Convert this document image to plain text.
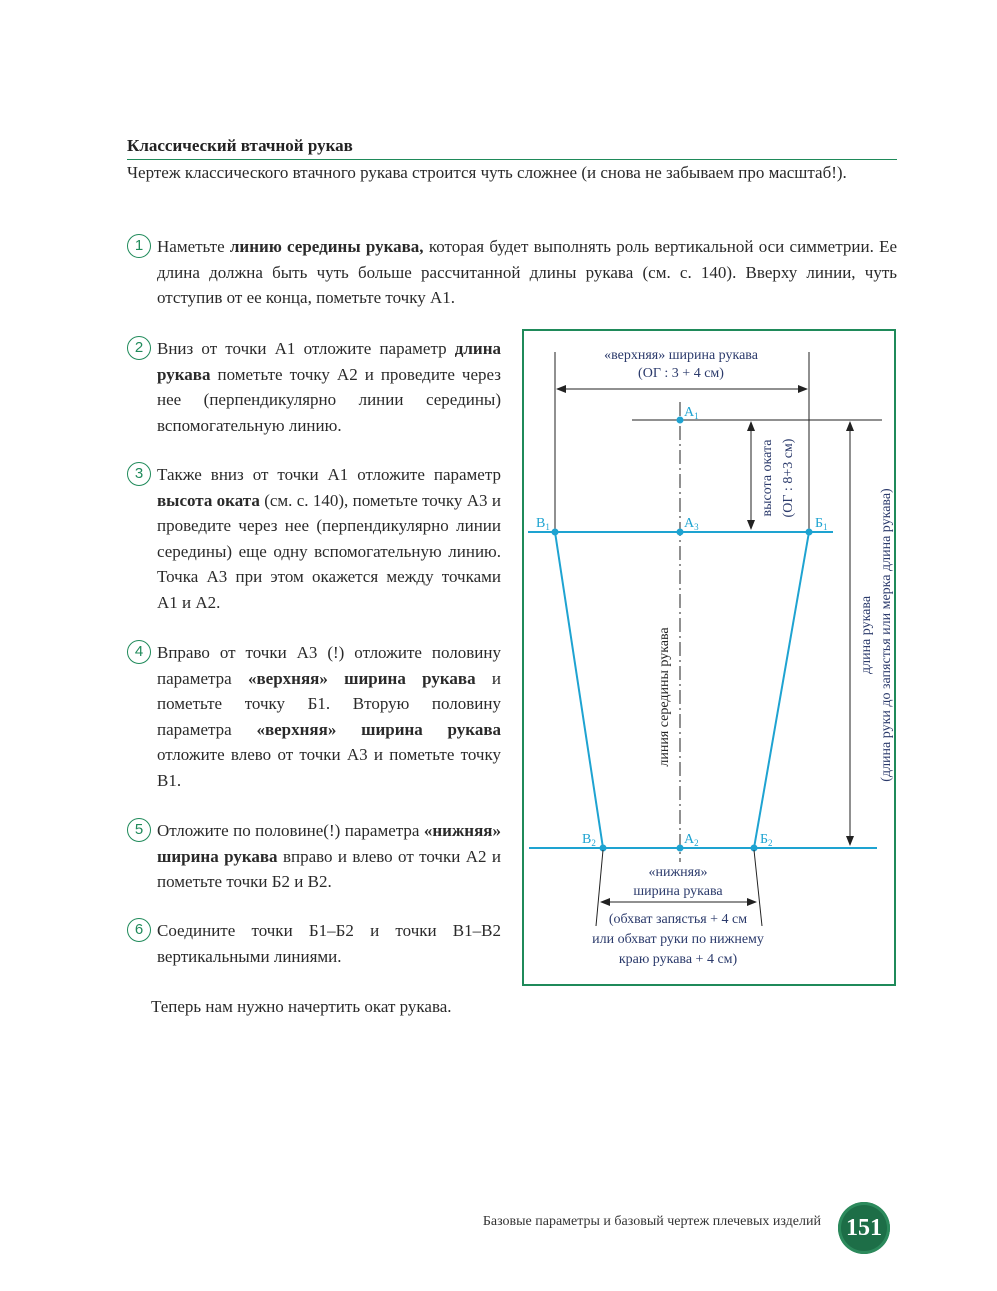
Классический втачной рукав
Чертеж классического втачного рукава строится чуть сложнее (и снова не забываем про масштаб!).
1 Наметьте линию середины рукава, которая будет выполнять роль вертикальной оси симметрии. Ее длина должна быть чуть больше рассчитанной длины рукава (см. с. 140). Вверху линии, чуть отступив от ее конца, пометьте точку А1.
2 Вниз от точки А1 отложите параметр длина рукава пометьте точку А2 и проведите через нее (перпендикулярно линии середины) вспомогательную линию.
3 Также вниз от точки А1 отложите параметр высота оката (см. с. 140), пометьте точку А3 и проведите через нее (перпендикулярно линии середины) еще одну вспомогательную линию. Точка А3 при этом окажется между точками А1 и А2.
4 Вправо от точки А3 (!) отложите половину параметра «верхняя» ширина рукава и пометьте точку Б1. Вторую половину параметра «верхняя» ширина рукава отложите влево от точки А3 и пометьте точку В1.
5 Отложите по половине(!) параметра «нижняя» ширина рукава вправо и влево от точки А2 и пометьте точки Б2 и В2.
6 Соедините точки Б1–Б2 и точки В1–В2 вертикальными линиями.
Теперь нам нужно начертить окат рукава.
«верхняя» ширина рукава
(ОГ : 3 + 4 см)
высота оката (ОГ : 8+3 см)
длина рукава (длина руки до запястья или мерка длина рукава)
линия середины рукава
$А_1$
$А_3$
$В_1$	$Б_1$
$А_2$
$В_2$	$Б_2$
«нижняя»
ширина рукава
(обхват запястья + 4 см
или обхват руки по нижнему
краю рукава + 4 см)
Базовые параметры и базовый чертеж плечевых изделий	151
